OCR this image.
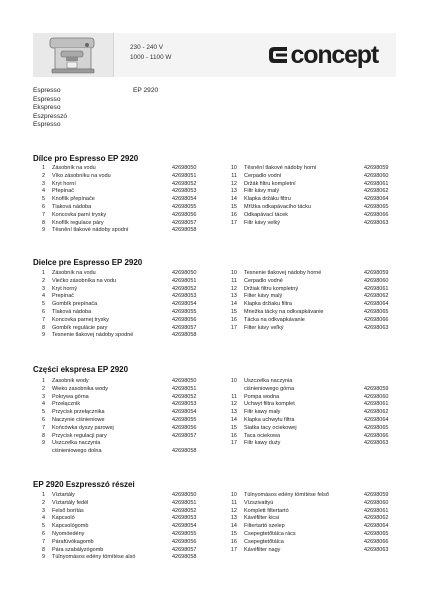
230 - 240 V
1000 - 1100 W	concept
Espresso
Espresso
Ekspreso
Eszpresszó
Espresso
EP 2920
Dílce pro Espresso EP 2920
1 Zásobník na vodu	42698050
2 Víko zásobníku na vodu	42698051
3 Kryt horní	42698052
4 Přepínač	42698053
5 Knoflík přepínače	42698054
6 Tlaková nádoba	42698055
7 Koncovka parní trysky	42698056
8 Knoflík regulace páry	42698057
9 Těsnění tlakové nádoby spodní	42698058
10 Těsnění tlakové nádoby horní	42698059
11 Čerpadlo vodní	42698060
12 Držák filtru kompletní	42698061
13 Filtr kávy malý	42698062
14 Klapka držáku filtru	42698064
15 Mřížka odkapávacího tácku	42698065
16 Odkapávací tácek	42698066
17 Filtr kávy velký	42698063
Dielce pre Espresso EP 2920
1 Zásobník na vodu	42698050
2 Viečko zásobníka na vodu	42698051
3 Kryt horný	42698052
4 Prepínač	42698053
5 Gombík prepínača	42698054
6 Tlaková nádoba	42698055
7 Koncovka parnej trysky	42698056
8 Gombík regulácie pary	42698057
9 Tesnenie tlakovej nádoby spodné	42698058
10 Tesnenie tlakovej nádoby horné	42698059
11 Čerpadlo vodné	42698060
12 Držiak filtru kompletný	42698061
13 Filter kávy malý	42698062
14 Klapka držiaku filtra	42698064
15 Mriežka tácky na odkvapkávanie	42698065
16 Tácka na odkvapkávanie	42698066
17 Filter kávy veľký	42698063
Części ekspresa EP 2920
1 Zasobnik wody	42698050
2 Wieko zasobnika wody	42698051
3 Pokrywa górna	42698052
4 Przełącznik	42698053
5 Przycisk przełącznika	42698054
6 Naczynie ciśnieniowe	42698055
7 Końcówka dyszy parowej	42698056
8 Przycisk regulacji pary	42698057
9 Uszczelka naczynia
ciśnieniowego dolna	42698058
10 Uszczelka naczynia
ciśnieniowego górna	42698059
11 Pompa wodna	42698060
12 Uchwyt filtra komplet	42698061
13 Filtr kawy mały	42698062
14 Klapka uchwytu filtra	42698064
15 Siatka tacy ociekowej	42698065
16 Taca ociekowa	42698066
17 Filtr kawy duży	42698063
EP 2920 Eszpresszó részei
1 Víztartály	42698050
2 Víztartály fedél	42698051
3 Felső borítás	42698052
4 Kapcsoló	42698053
5 Kapcsológomb	42698054
6 Nyomóedény	42698055
7 Párafúvókagomb	42698056
8 Pára szabályzógomb	42698057
9 Túlnyomásos edény tömítése alsó	42698058
10 Túlnyomásos edény tömítése felső	42698059
11 Vízszivattyú	42698060
12 Komplett filtertartó	42698061
13 Kávéfilter kicsi	42698062
14 Filtertartó szelep	42698064
15 Csepegtetőtálca rács	42698065
16 Csepegtetőtálca	42698066
17 Kávéfilter nagy	42698063
